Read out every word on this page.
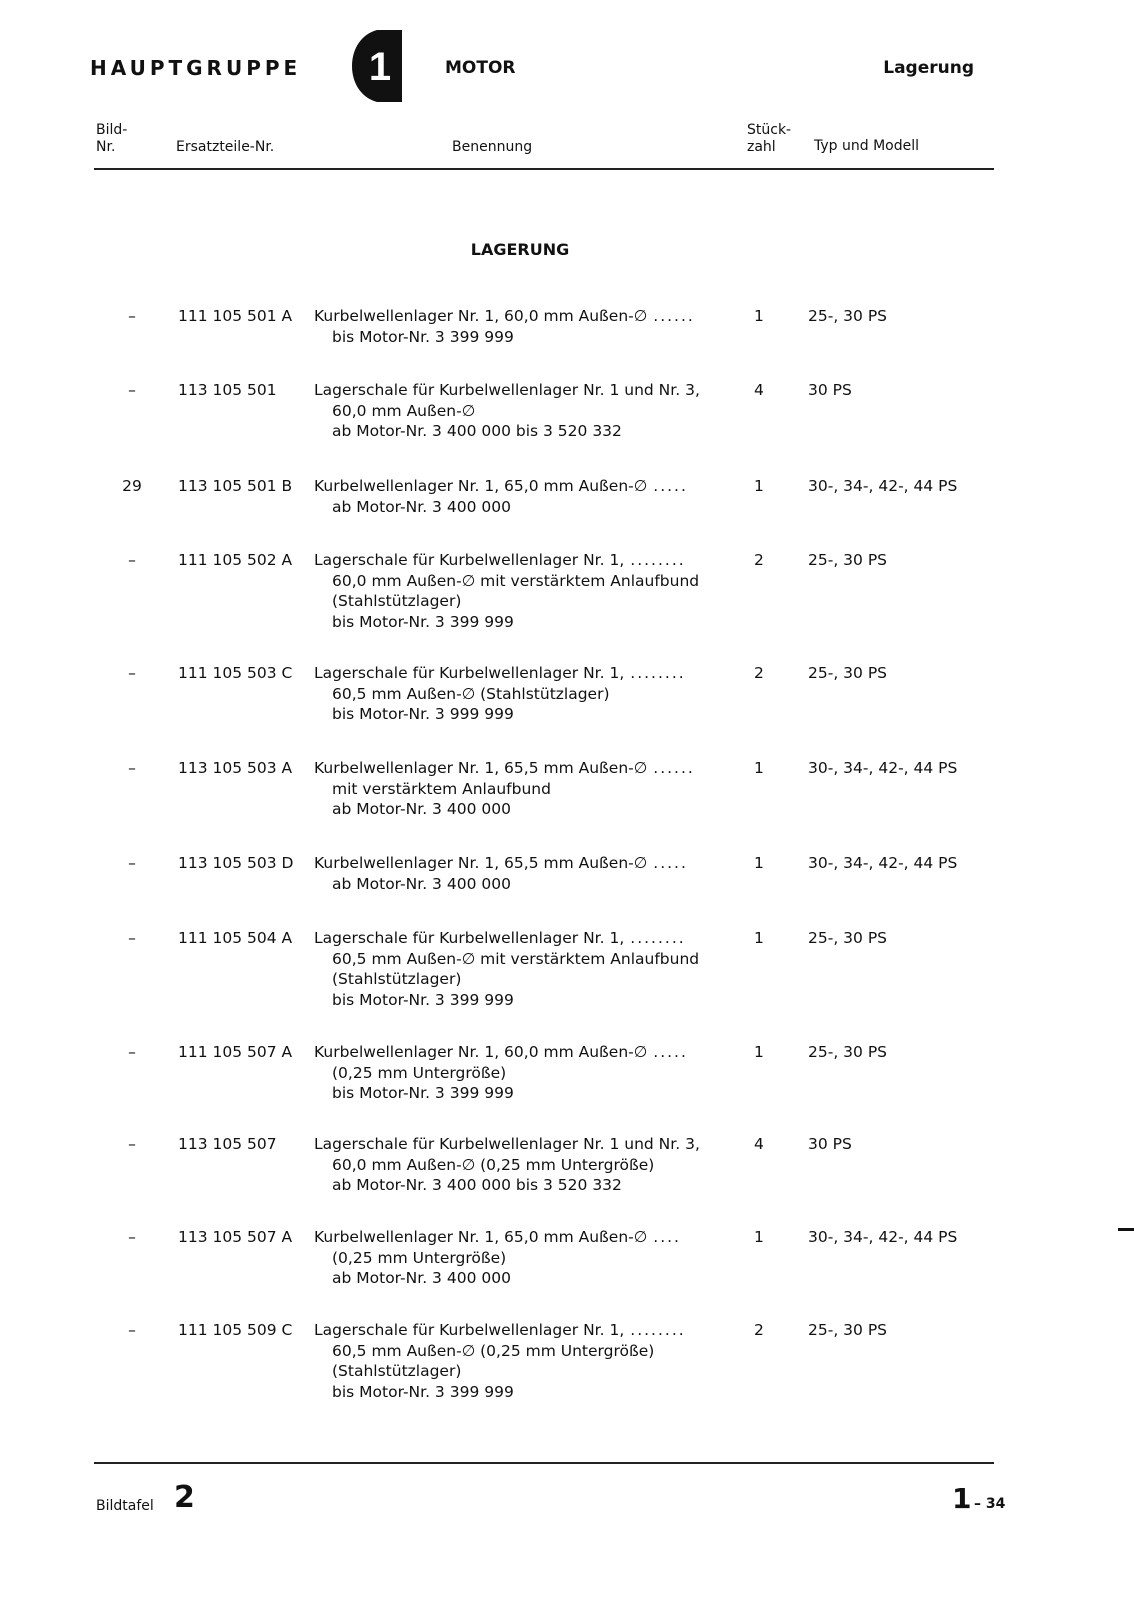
HAUPTGRUPPE 1	MOTOR	Lagerung
Bild-
Nr.	Ersatzteile-Nr.	Benennung
Stück-
zahl	Typ und Modell
LAGERUNG
–	111 105 501 A Kurbelwellenlager Nr. 1, 60,0 mm Außen-∅ ......
bis Motor-Nr. 3 399 999
1	25-, 30 PS
–	113 105 501 Lagerschale für Kurbelwellenlager Nr. 1 und Nr. 3,
60,0 mm Außen-∅
ab Motor-Nr. 3 400 000 bis 3 520 332
4	30 PS
29	113 105 501 B Kurbelwellenlager Nr. 1, 65,0 mm Außen-∅ .....
ab Motor-Nr. 3 400 000
1	30-, 34-, 42-, 44 PS
–	111 105 502 A Lagerschale für Kurbelwellenlager Nr. 1, ........
60,0 mm Außen-∅ mit verstärktem Anlaufbund
(Stahlstützlager)
bis Motor-Nr. 3 399 999
2	25-, 30 PS
–	111 105 503 C Lagerschale für Kurbelwellenlager Nr. 1, ........
60,5 mm Außen-∅ (Stahlstützlager)
bis Motor-Nr. 3 999 999
2	25-, 30 PS
–	113 105 503 A Kurbelwellenlager Nr. 1, 65,5 mm Außen-∅ ......
mit verstärktem Anlaufbund
ab Motor-Nr. 3 400 000
1	30-, 34-, 42-, 44 PS
–	113 105 503 D Kurbelwellenlager Nr. 1, 65,5 mm Außen-∅ .....
ab Motor-Nr. 3 400 000
1	30-, 34-, 42-, 44 PS
–	111 105 504 A Lagerschale für Kurbelwellenlager Nr. 1, ........
60,5 mm Außen-∅ mit verstärktem Anlaufbund
(Stahlstützlager)
bis Motor-Nr. 3 399 999
1	25-, 30 PS
–	111 105 507 A Kurbelwellenlager Nr. 1, 60,0 mm Außen-∅ .....
(0,25 mm Untergröße)
bis Motor-Nr. 3 399 999
1	25-, 30 PS
–	113 105 507 Lagerschale für Kurbelwellenlager Nr. 1 und Nr. 3,
60,0 mm Außen-∅ (0,25 mm Untergröße)
ab Motor-Nr. 3 400 000 bis 3 520 332
4	30 PS
–	113 105 507 A Kurbelwellenlager Nr. 1, 65,0 mm Außen-∅ ....
(0,25 mm Untergröße)
ab Motor-Nr. 3 400 000
1	30-, 34-, 42-, 44 PS
–	111 105 509 C Lagerschale für Kurbelwellenlager Nr. 1, ........
60,5 mm Außen-∅ (0,25 mm Untergröße)
(Stahlstützlager)
bis Motor-Nr. 3 399 999
2	25-, 30 PS
Bildtafel 2	1 – 34
